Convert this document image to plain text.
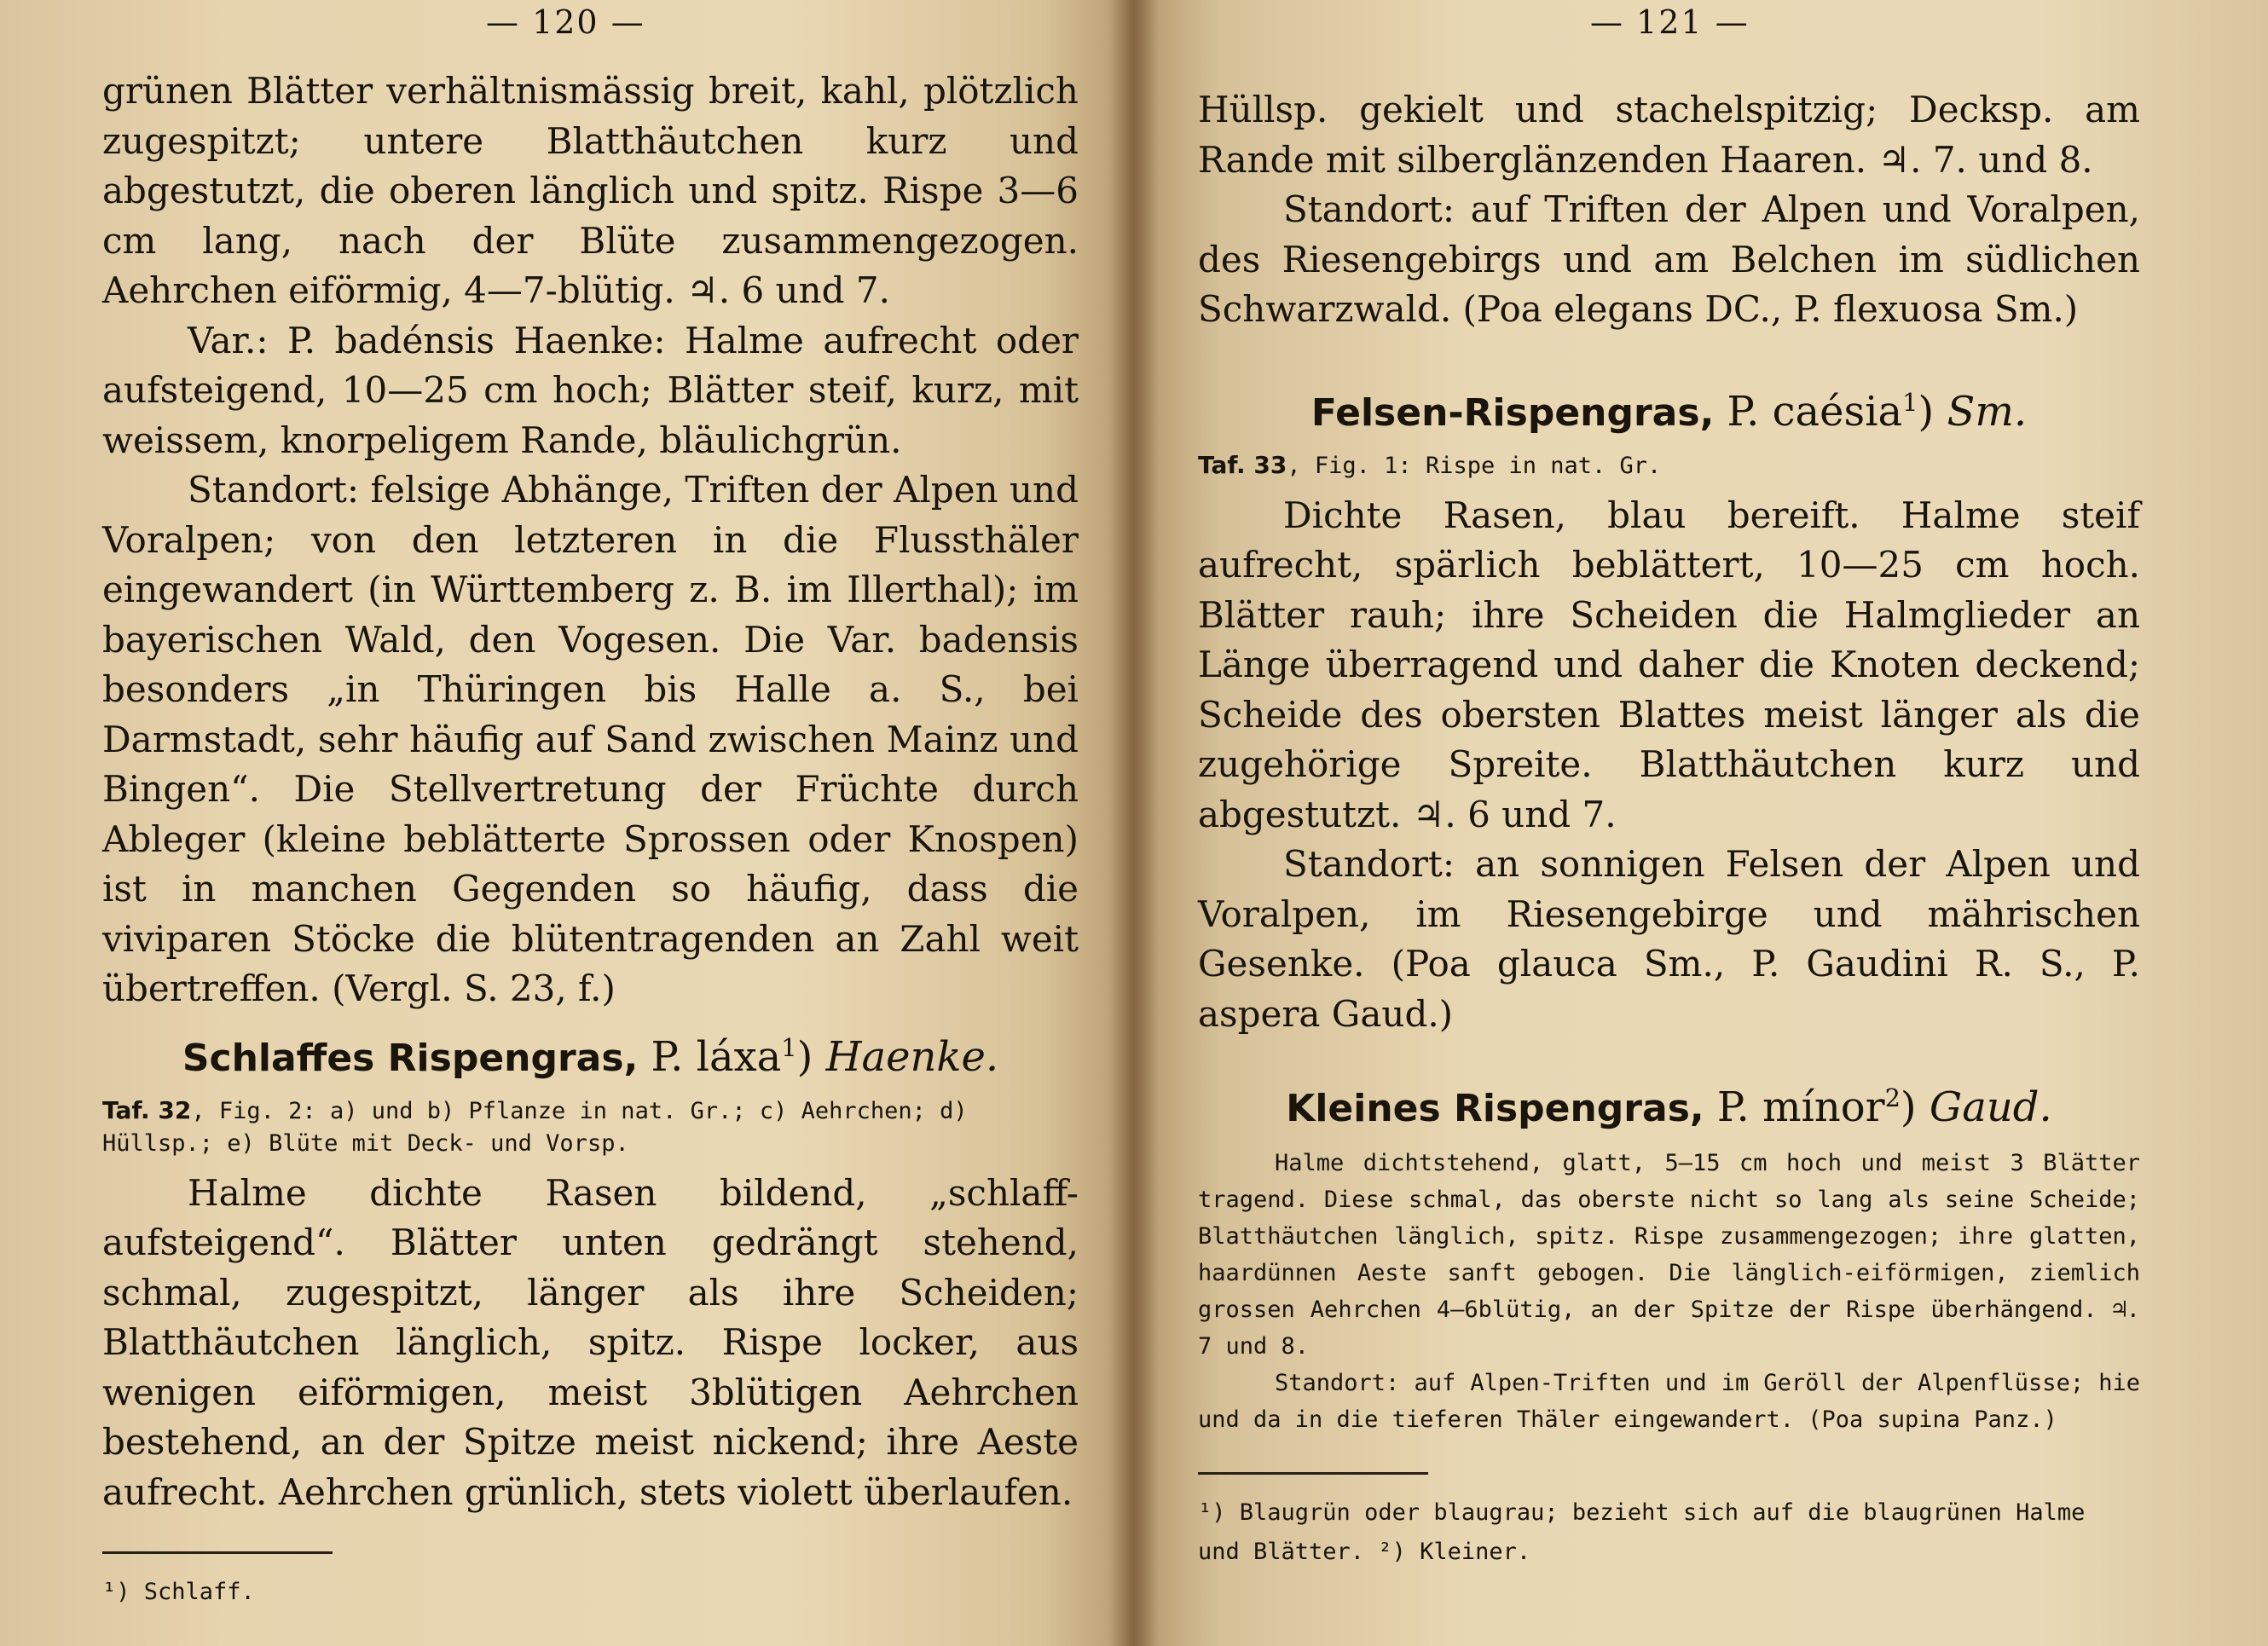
— 120 —

grünen Blätter verhältnismässig breit, kahl, plötzlich zugespitzt; untere Blatthäutchen kurz und abgestutzt, die oberen länglich und spitz. Rispe 3—6 cm lang, nach der Blüte zusammengezogen. Aehrchen eiförmig, 4—7-blütig. ♃. 6 und 7.

Var.: P. badénsis Haenke: Halme aufrecht oder aufsteigend, 10—25 cm hoch; Blätter steif, kurz, mit weissem, knorpeligem Rande, bläulichgrün.

Standort: felsige Abhänge, Triften der Alpen und Voralpen; von den letzteren in die Flussthäler eingewandert (in Württemberg z. B. im Illerthal); im bayerischen Wald, den Vogesen. Die Var. badensis besonders „in Thüringen bis Halle a. S., bei Darmstadt, sehr häufig auf Sand zwischen Mainz und Bingen“. Die Stellvertretung der Früchte durch Ableger (kleine beblätterte Sprossen oder Knospen) ist in manchen Gegenden so häufig, dass die viviparen Stöcke die blütentragenden an Zahl weit übertreffen. (Vergl. S. 23, f.)

Schlaffes Rispengras, P. láxa$^1$) Haenke.

Taf. 32, Fig. 2: a) und b) Pflanze in nat. Gr.; c) Aehrchen; d) Hüllsp.; e) Blüte mit Deck- und Vorsp.

Halme dichte Rasen bildend, „schlaff-aufsteigend“. Blätter unten gedrängt stehend, schmal, zugespitzt, länger als ihre Scheiden; Blatthäutchen länglich, spitz. Rispe locker, aus wenigen eiförmigen, meist 3blütigen Aehrchen bestehend, an der Spitze meist nickend; ihre Aeste aufrecht. Aehrchen grünlich, stets violett überlaufen.

¹) Schlaff.

— 121 —

Hüllsp. gekielt und stachelspitzig; Decksp. am Rande mit silberglänzenden Haaren. ♃. 7. und 8.

Standort: auf Triften der Alpen und Voralpen, des Riesengebirgs und am Belchen im südlichen Schwarzwald. (Poa elegans DC., P. flexuosa Sm.)

Felsen-Rispengras, P. caésia$^1$) Sm.

Taf. 33, Fig. 1: Rispe in nat. Gr.

Dichte Rasen, blau bereift. Halme steif aufrecht, spärlich beblättert, 10—25 cm hoch. Blätter rauh; ihre Scheiden die Halmglieder an Länge überragend und daher die Knoten deckend; Scheide des obersten Blattes meist länger als die zugehörige Spreite. Blatthäutchen kurz und abgestutzt. ♃. 6 und 7.

Standort: an sonnigen Felsen der Alpen und Voralpen, im Riesengebirge und mährischen Gesenke. (Poa glauca Sm., P. Gaudini R. S., P. aspera Gaud.)

Kleines Rispengras, P. mínor$^2$) Gaud.

Halme dichtstehend, glatt, 5—15 cm hoch und meist 3 Blätter tragend. Diese schmal, das oberste nicht so lang als seine Scheide; Blatthäutchen länglich, spitz. Rispe zusammengezogen; ihre glatten, haardünnen Aeste sanft gebogen. Die länglich-eiförmigen, ziemlich grossen Aehrchen 4—6blütig, an der Spitze der Rispe überhängend. ♃. 7 und 8.

Standort: auf Alpen-Triften und im Geröll der Alpenflüsse; hie und da in die tieferen Thäler eingewandert. (Poa supina Panz.)

¹) Blaugrün oder blaugrau; bezieht sich auf die blaugrünen Halme und Blätter. ²) Kleiner.
